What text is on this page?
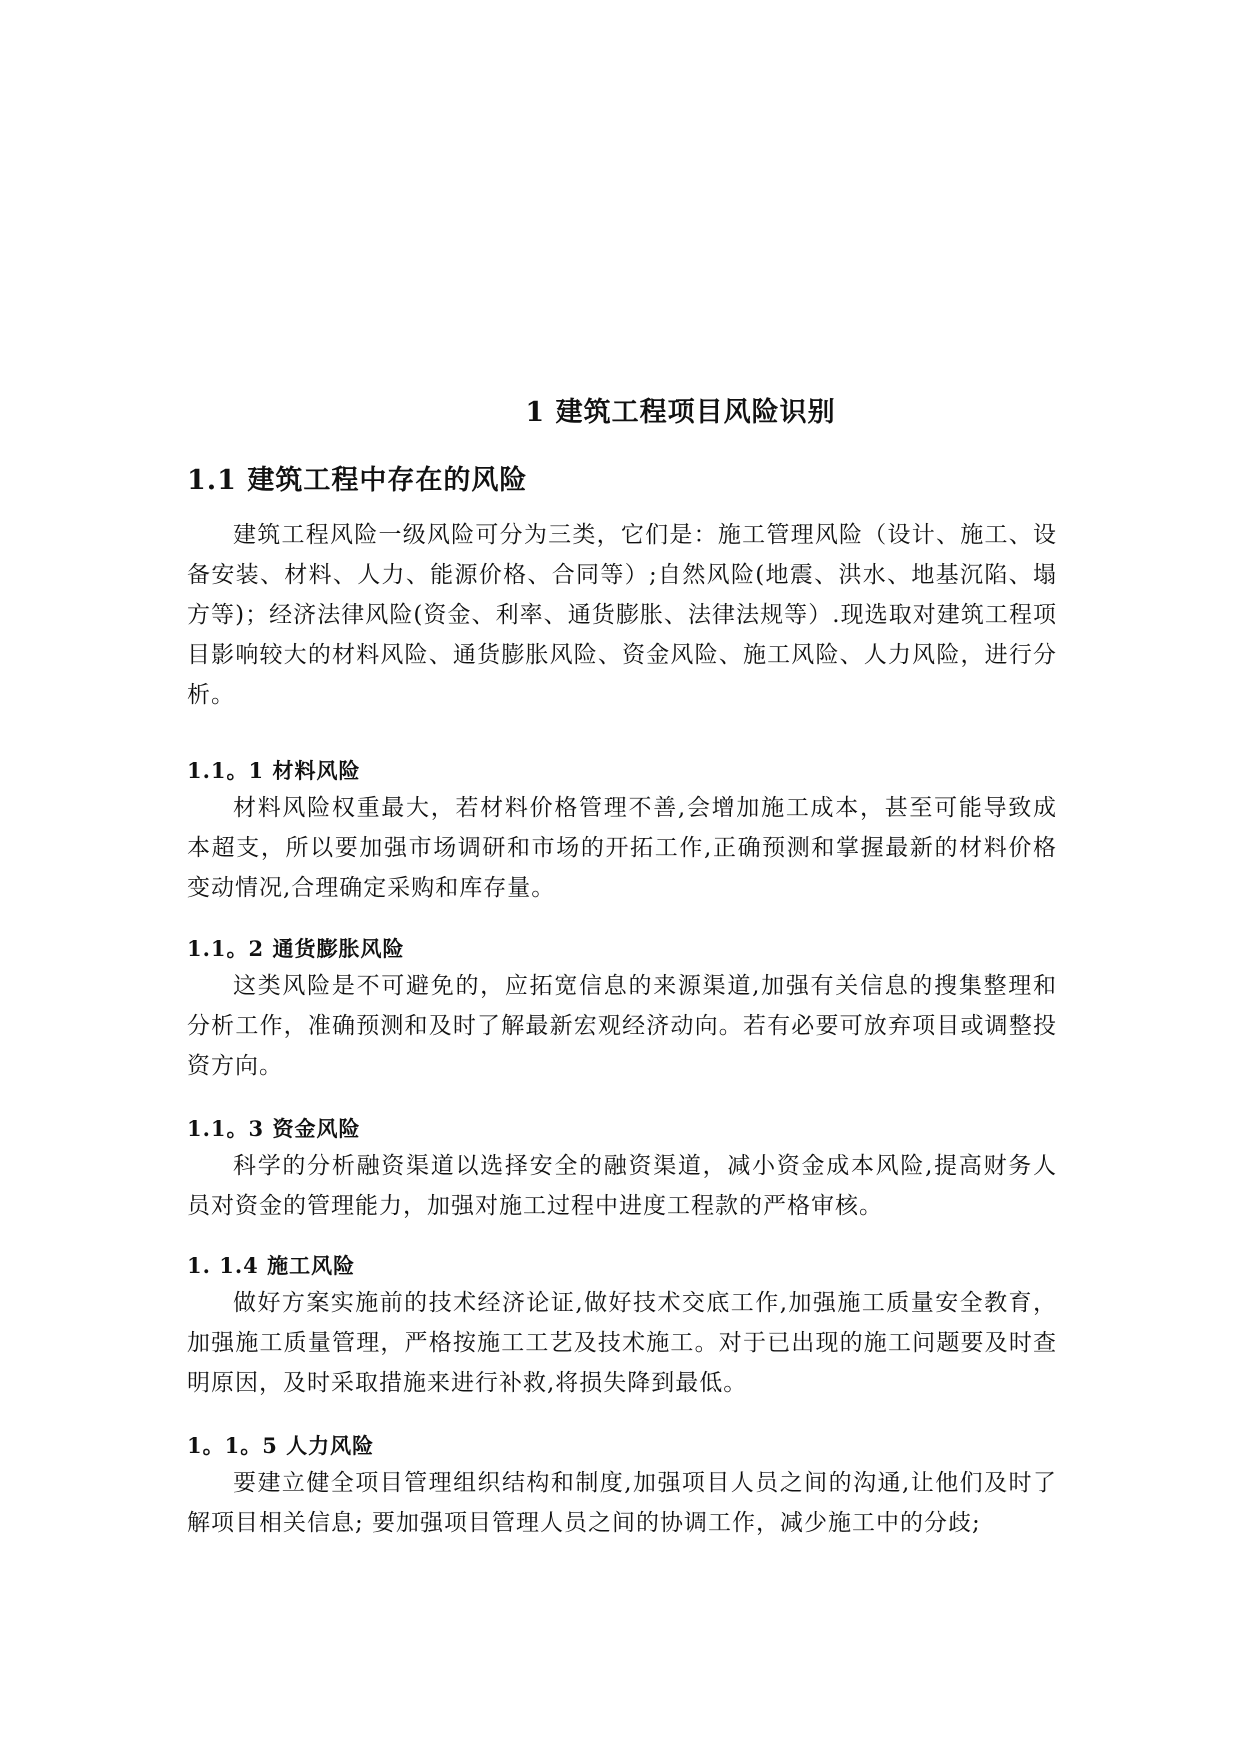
1 建筑工程项目风险识别
1.1 建筑工程中存在的风险
建筑工程风险一级风险可分为三类，它们是：施工管理风险（设计、施工、设备安装、材料、人力、能源价格、合同等）;自然风险(地震、洪水、地基沉陷、塌方等)；经济法律风险(资金、利率、通货膨胀、法律法规等）.现选取对建筑工程项目影响较大的材料风险、通货膨胀风险、资金风险、施工风险、人力风险，进行分析。
1.1。1 材料风险
材料风险权重最大，若材料价格管理不善,会增加施工成本，甚至可能导致成本超支，所以要加强市场调研和市场的开拓工作,正确预测和掌握最新的材料价格变动情况,合理确定采购和库存量。
1.1。2 通货膨胀风险
这类风险是不可避免的，应拓宽信息的来源渠道,加强有关信息的搜集整理和分析工作，准确预测和及时了解最新宏观经济动向。若有必要可放弃项目或调整投资方向。
1.1。3 资金风险
科学的分析融资渠道以选择安全的融资渠道，减小资金成本风险,提高财务人员对资金的管理能力，加强对施工过程中进度工程款的严格审核。
1. 1.4 施工风险
做好方案实施前的技术经济论证,做好技术交底工作,加强施工质量安全教育，加强施工质量管理，严格按施工工艺及技术施工。对于已出现的施工问题要及时查明原因，及时采取措施来进行补救,将损失降到最低。
1。1。5 人力风险
要建立健全项目管理组织结构和制度,加强项目人员之间的沟通,让他们及时了解项目相关信息; 要加强项目管理人员之间的协调工作，减少施工中的分歧;
